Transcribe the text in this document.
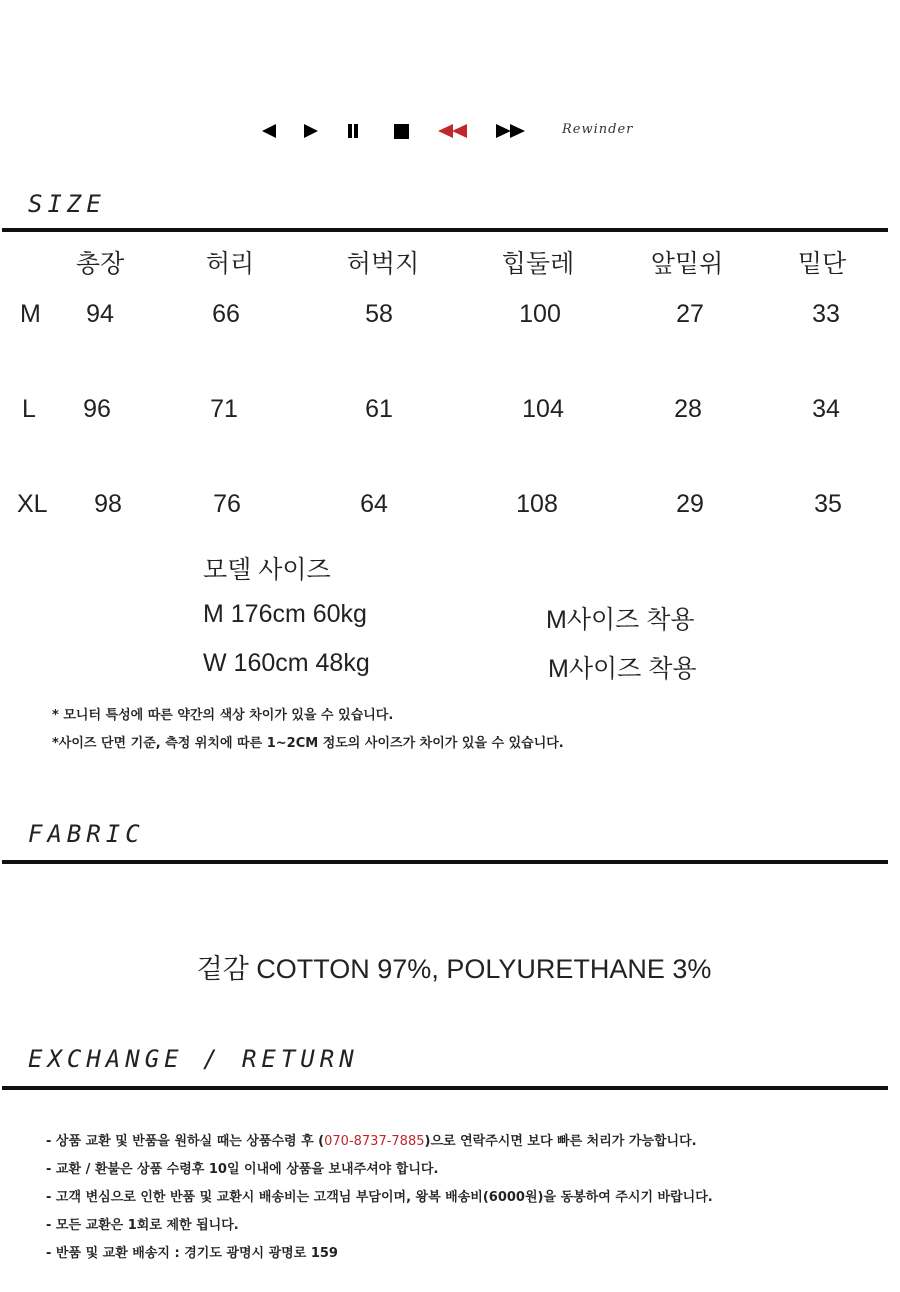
Rewinder
SIZE
총장	허리	허벅지	힙둘레	앞밑위	밑단
M 94	66	58	100	27	33
L 96	71	61	104	28	34
XL 98	76	64	108	29	35
모델 사이즈
M 176cm 60kg	M사이즈 착용
W 160cm 48kg	M사이즈 착용
* 모니터 특성에 따른 약간의 색상 차이가 있을 수 있습니다.
*사이즈 단면 기준, 측정 위치에 따른 1~2CM 정도의 사이즈가 차이가 있을 수 있습니다.
FABRIC
겉감 COTTON 97%, POLYURETHANE 3%
EXCHANGE / RETURN
- 상품 교환 및 반품을 원하실 때는 상품수령 후 (070-8737-7885)으로 연락주시면 보다 빠른 처리가 가능합니다.
- 교환 / 환불은 상품 수령후 10일 이내에 상품을 보내주셔야 합니다.
- 고객 변심으로 인한 반품 및 교환시 배송비는 고객님 부담이며, 왕복 배송비(6000원)을 동봉하여 주시기 바랍니다.
- 모든 교환은 1회로 제한 됩니다.
- 반품 및 교환 배송지 : 경기도 광명시 광명로 159
